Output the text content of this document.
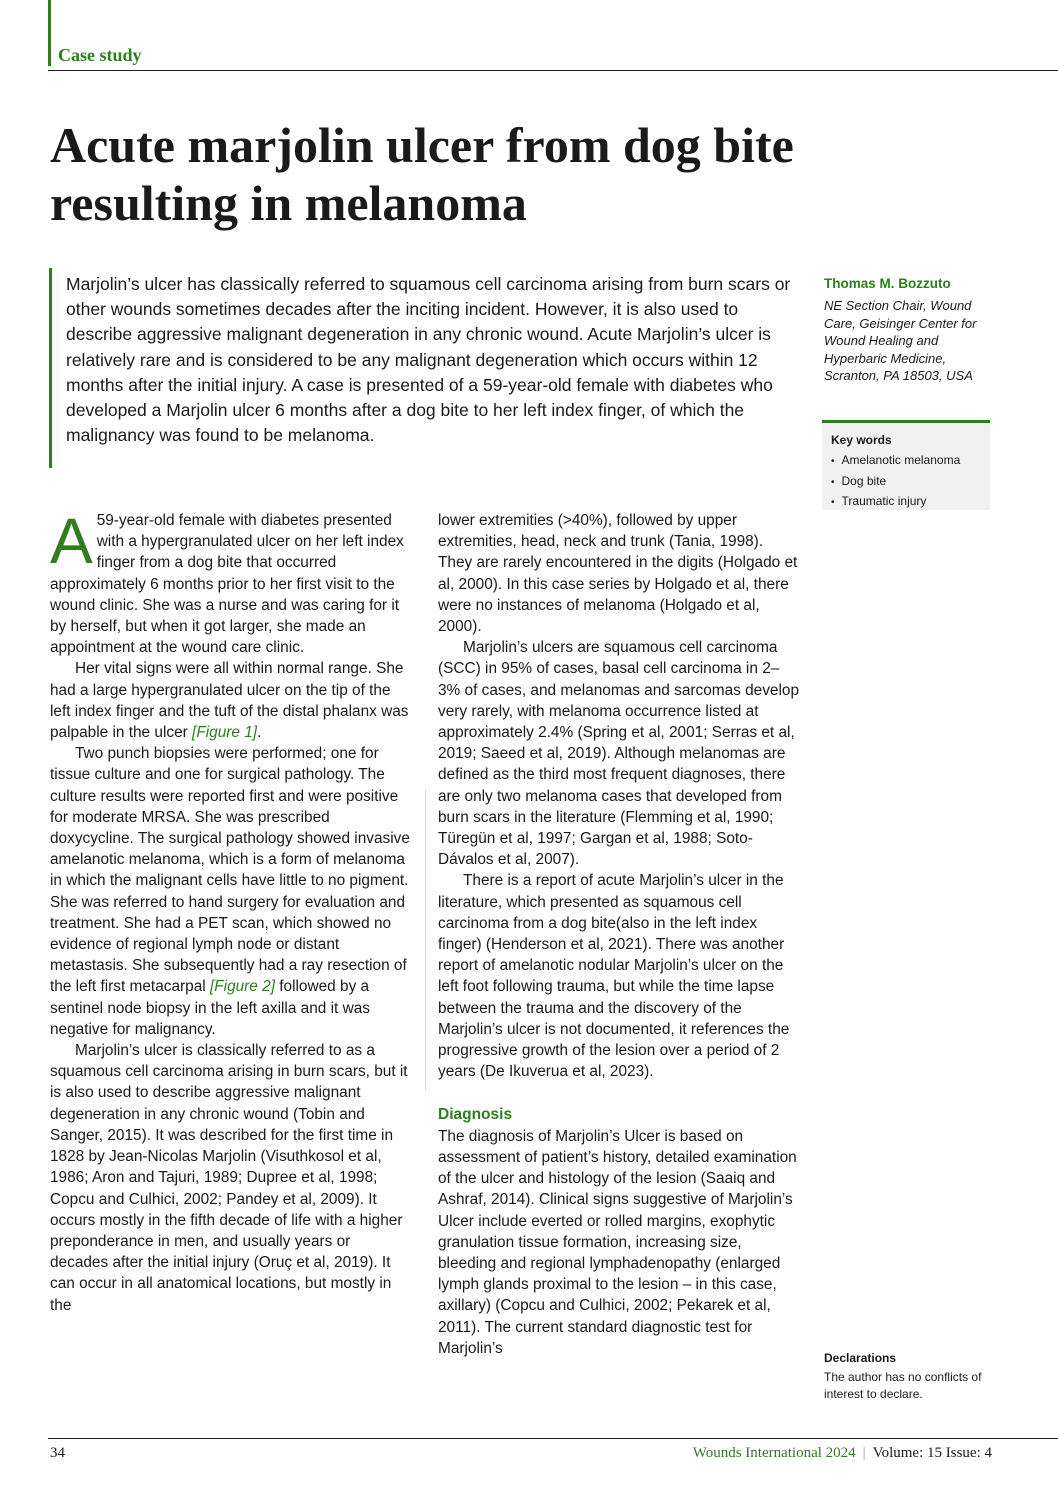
Case study
Acute marjolin ulcer from dog bite resulting in melanoma

Marjolin’s ulcer has classically referred to squamous cell carcinoma arising from burn scars or other wounds sometimes decades after the inciting incident. However, it is also used to describe aggressive malignant degeneration in any chronic wound. Acute Marjolin’s ulcer is relatively rare and is considered to be any malignant degeneration which occurs within 12 months after the initial injury. A case is presented of a 59-year-old female with diabetes who developed a Marjolin ulcer 6 months after a dog bite to her left index finger, of which the malignancy was found to be melanoma.

Thomas M. Bozzuto
NE Section Chair, Wound Care, Geisinger Center for Wound Healing and Hyperbaric Medicine, Scranton, PA 18503, USA
Key words
• Amelanotic melanoma
• Dog bite
• Traumatic injury

A 59-year-old female with diabetes presented with a hypergranulated ulcer on her left index finger from a dog bite that occurred approximately 6 months prior to her first visit to the wound clinic. She was a nurse and was caring for it by herself, but when it got larger, she made an appointment at the wound care clinic.

Her vital signs were all within normal range. She had a large hypergranulated ulcer on the tip of the left index finger and the tuft of the distal phalanx was palpable in the ulcer [Figure 1].

Two punch biopsies were performed; one for tissue culture and one for surgical pathology. The culture results were reported first and were positive for moderate MRSA. She was prescribed doxycycline. The surgical pathology showed invasive amelanotic melanoma, which is a form of melanoma in which the malignant cells have little to no pigment. She was referred to hand surgery for evaluation and treatment. She had a PET scan, which showed no evidence of regional lymph node or distant metastasis. She subsequently had a ray resection of the left first metacarpal [Figure 2] followed by a sentinel node biopsy in the left axilla and it was negative for malignancy.

Marjolin’s ulcer is classically referred to as a squamous cell carcinoma arising in burn scars, but it is also used to describe aggressive malignant degeneration in any chronic wound (Tobin and Sanger, 2015). It was described for the first time in 1828 by Jean-Nicolas Marjolin (Visuthkosol et al, 1986; Aron and Tajuri, 1989; Dupree et al, 1998; Copcu and Culhici, 2002; Pandey et al, 2009). It occurs mostly in the fifth decade of life with a higher preponderance in men, and usually years or decades after the initial injury (Oruç et al, 2019). It can occur in all anatomical locations, but mostly in the

lower extremities (>40%), followed by upper extremities, head, neck and trunk (Tania, 1998). They are rarely encountered in the digits (Holgado et al, 2000). In this case series by Holgado et al, there were no instances of melanoma (Holgado et al, 2000).

Marjolin’s ulcers are squamous cell carcinoma (SCC) in 95% of cases, basal cell carcinoma in 2–3% of cases, and melanomas and sarcomas develop very rarely, with melanoma occurrence listed at approximately 2.4% (Spring et al, 2001; Serras et al, 2019; Saeed et al, 2019). Although melanomas are defined as the third most frequent diagnoses, there are only two melanoma cases that developed from burn scars in the literature (Flemming et al, 1990; Türegün et al, 1997; Gargan et al, 1988; Soto-Dávalos et al, 2007).

There is a report of acute Marjolin’s ulcer in the literature, which presented as squamous cell carcinoma from a dog bite(also in the left index finger) (Henderson et al, 2021). There was another report of amelanotic nodular Marjolin’s ulcer on the left foot following trauma, but while the time lapse between the trauma and the discovery of the Marjolin’s ulcer is not documented, it references the progressive growth of the lesion over a period of 2 years (De Ikuverua et al, 2023).

Diagnosis

The diagnosis of Marjolin’s Ulcer is based on assessment of patient’s history, detailed examination of the ulcer and histology of the lesion (Saaiq and Ashraf, 2014). Clinical signs suggestive of Marjolin’s Ulcer include everted or rolled margins, exophytic granulation tissue formation, increasing size, bleeding and regional lymphadenopathy (enlarged lymph glands proximal to the lesion – in this case, axillary) (Copcu and Culhici, 2002; Pekarek et al, 2011). The current standard diagnostic test for Marjolin’s

Declarations
The author has no conflicts of interest to declare.
34	Wounds International 2024 | Volume: 15 Issue: 4
